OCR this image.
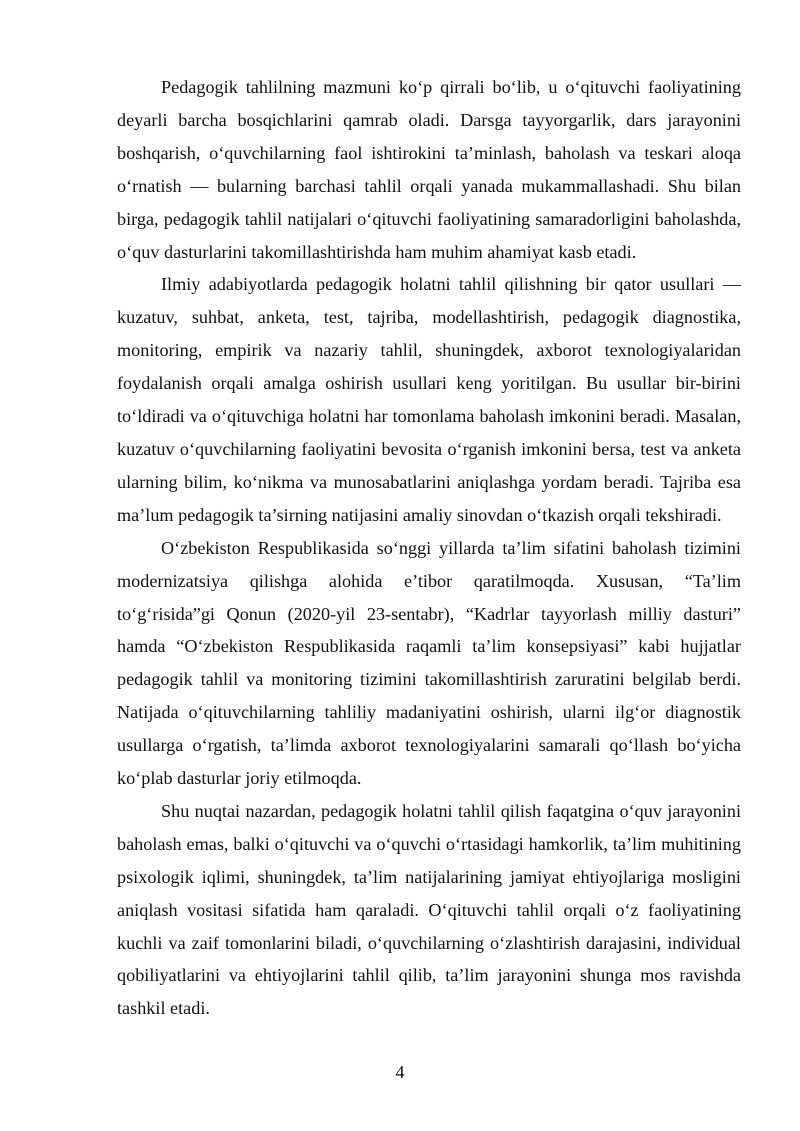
Pedagogik tahlilning mazmuni ko‘p qirrali bo‘lib, u o‘qituvchi faoliyatining deyarli barcha bosqichlarini qamrab oladi. Darsga tayyorgarlik, dars jarayonini boshqarish, o‘quvchilarning faol ishtirokini ta’minlash, baholash va teskari aloqa o‘rnatish — bularning barchasi tahlil orqali yanada mukammallashadi. Shu bilan birga, pedagogik tahlil natijalari o‘qituvchi faoliyatining samaradorligini baholashda, o‘quv dasturlarini takomillashtirishda ham muhim ahamiyat kasb etadi.

Ilmiy adabiyotlarda pedagogik holatni tahlil qilishning bir qator usullari — kuzatuv, suhbat, anketa, test, tajriba, modellashtirish, pedagogik diagnostika, monitoring, empirik va nazariy tahlil, shuningdek, axborot texnologiyalaridan foydalanish orqali amalga oshirish usullari keng yoritilgan. Bu usullar bir-birini to‘ldiradi va o‘qituvchiga holatni har tomonlama baholash imkonini beradi. Masalan, kuzatuv o‘quvchilarning faoliyatini bevosita o‘rganish imkonini bersa, test va anketa ularning bilim, ko‘nikma va munosabatlarini aniqlashga yordam beradi. Tajriba esa ma’lum pedagogik ta’sirning natijasini amaliy sinovdan o‘tkazish orqali tekshiradi.

O‘zbekiston Respublikasida so‘nggi yillarda ta’lim sifatini baholash tizimini modernizatsiya qilishga alohida e’tibor qaratilmoqda. Xususan, “Ta’lim to‘g‘risida”gi Qonun (2020-yil 23-sentabr), “Kadrlar tayyorlash milliy dasturi” hamda “O‘zbekiston Respublikasida raqamli ta’lim konsepsiyasi” kabi hujjatlar pedagogik tahlil va monitoring tizimini takomillashtirish zaruratini belgilab berdi. Natijada o‘qituvchilarning tahliliy madaniyatini oshirish, ularni ilg‘or diagnostik usullarga o‘rgatish, ta’limda axborot texnologiyalarini samarali qo‘llash bo‘yicha ko‘plab dasturlar joriy etilmoqda.

Shu nuqtai nazardan, pedagogik holatni tahlil qilish faqatgina o‘quv jarayonini baholash emas, balki o‘qituvchi va o‘quvchi o‘rtasidagi hamkorlik, ta’lim muhitining psixologik iqlimi, shuningdek, ta’lim natijalarining jamiyat ehtiyojlariga mosligini aniqlash vositasi sifatida ham qaraladi. O‘qituvchi tahlil orqali o‘z faoliyatining kuchli va zaif tomonlarini biladi, o‘quvchilarning o‘zlashtirish darajasini, individual qobiliyatlarini va ehtiyojlarini tahlil qilib, ta’lim jarayonini shunga mos ravishda tashkil etadi.

4
